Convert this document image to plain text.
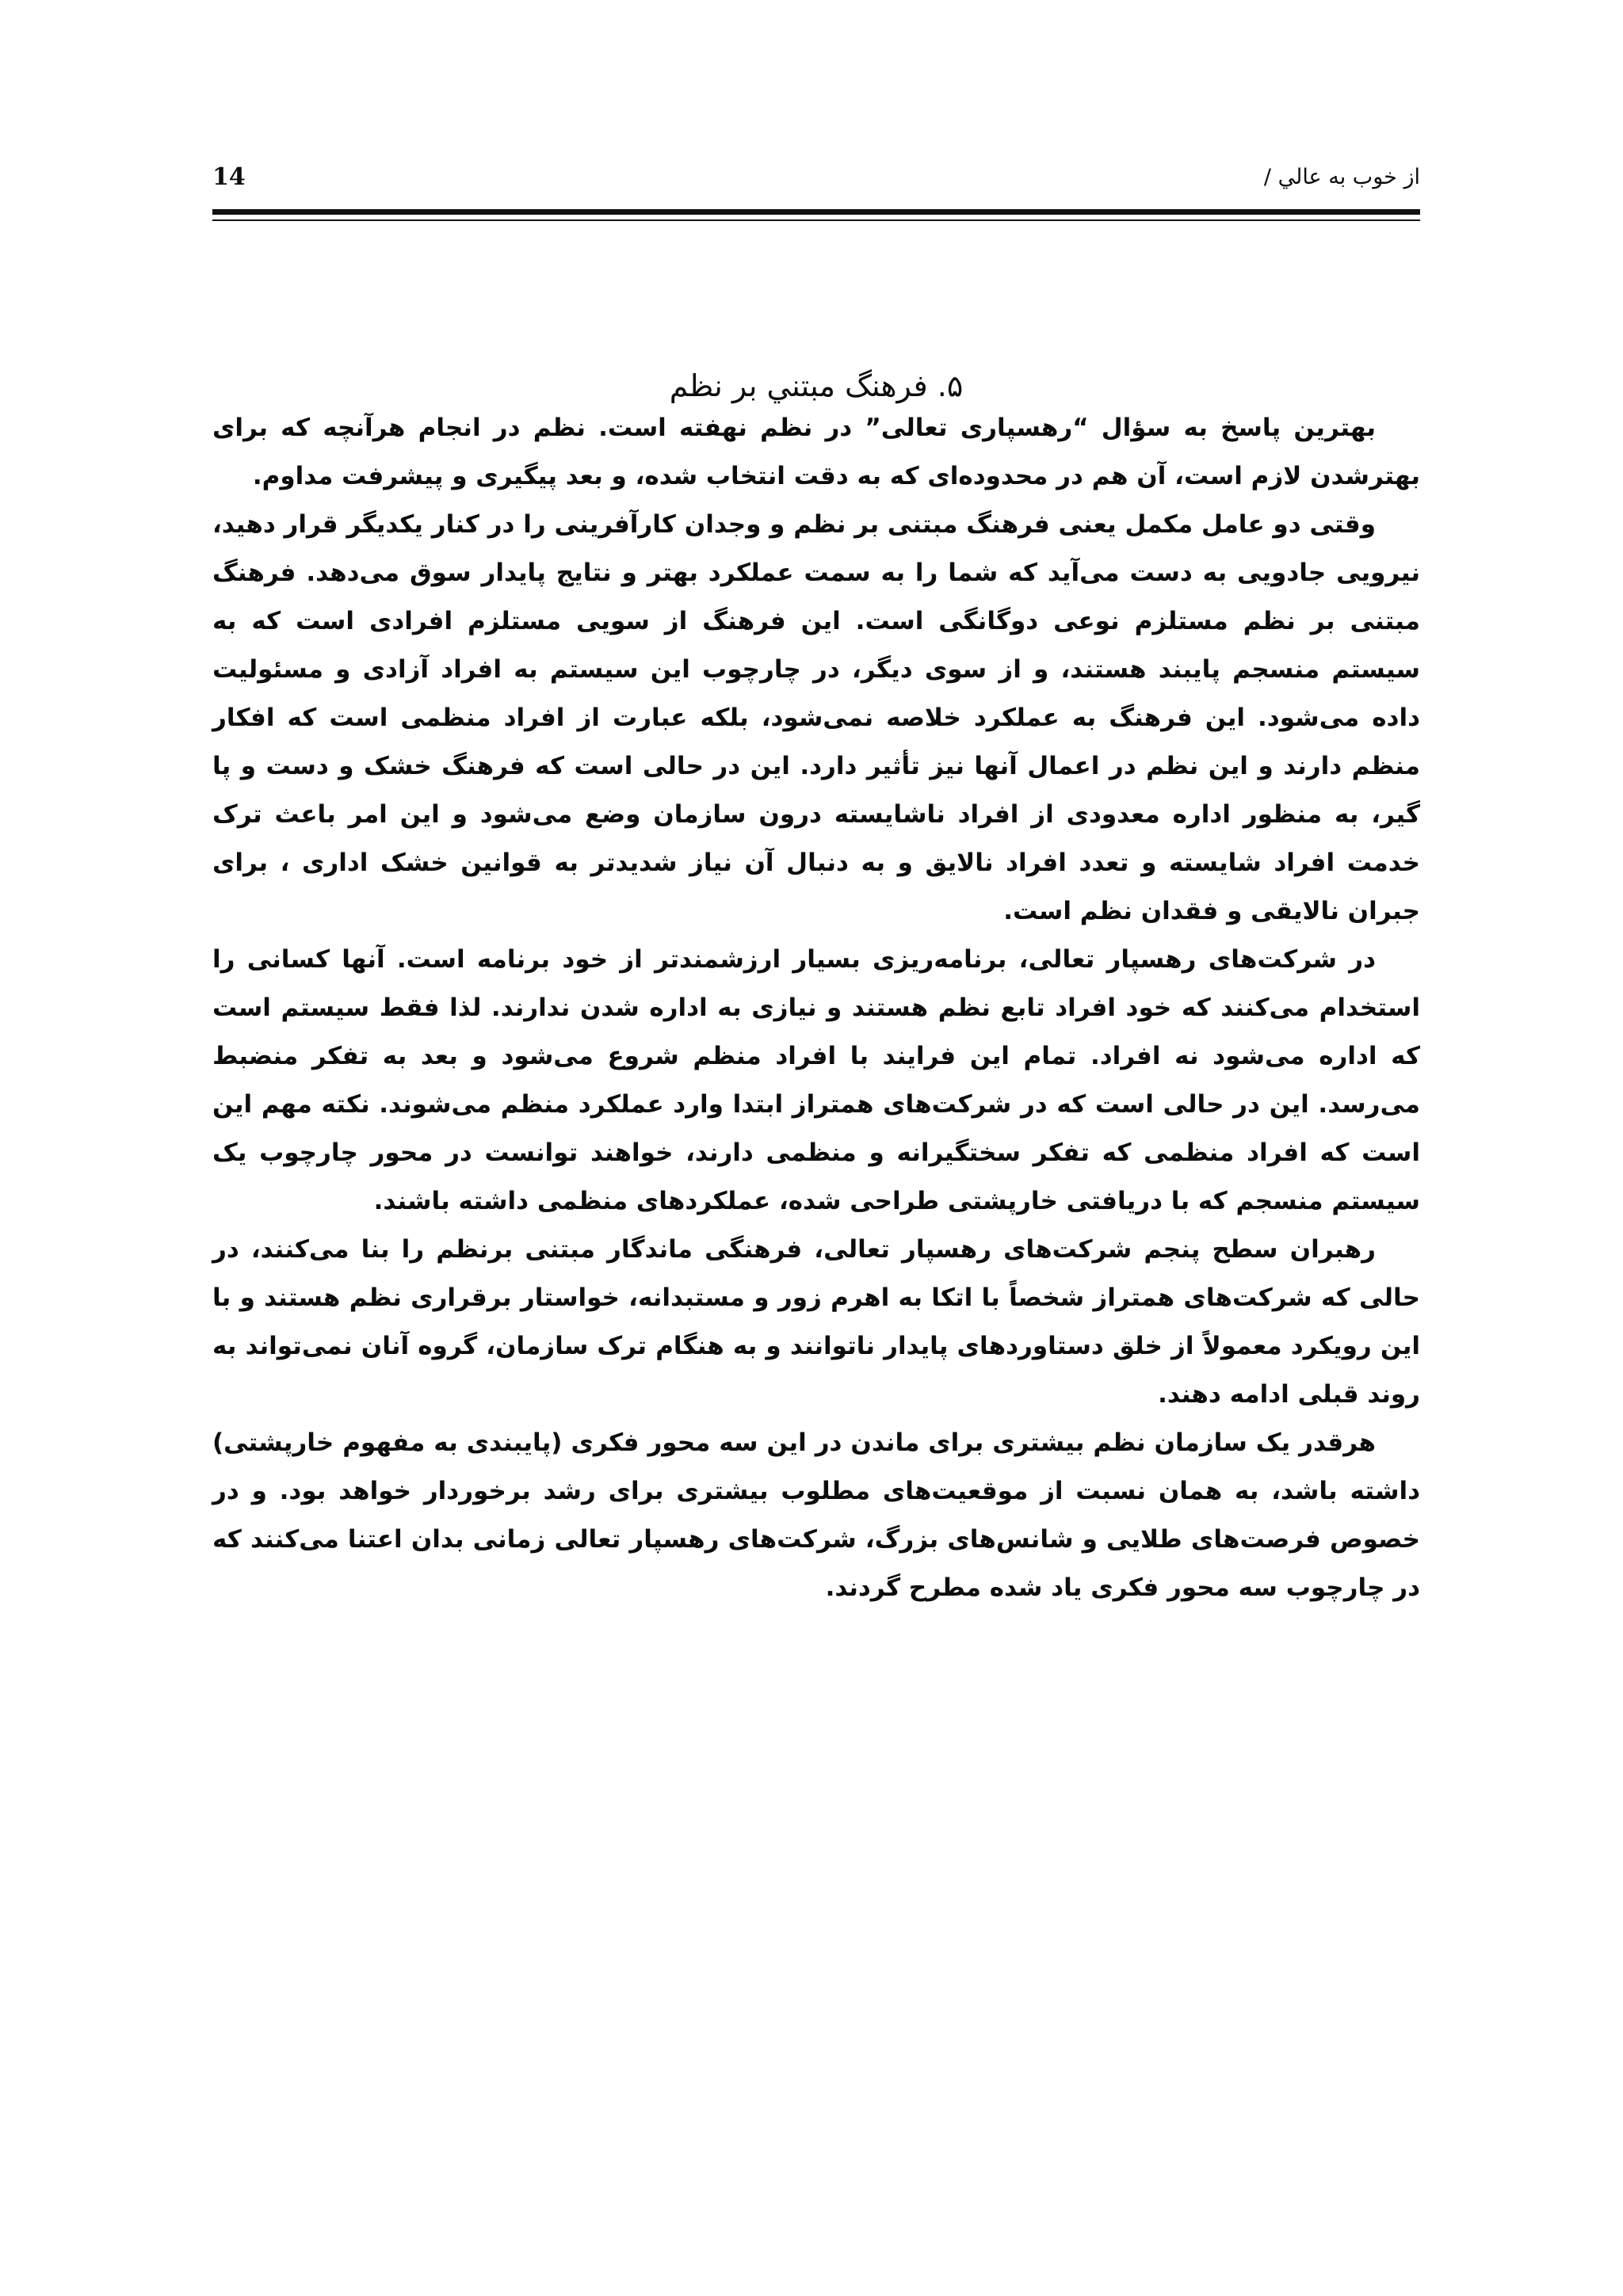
14	از خوب به عالي /
۵. فرهنگ مبتني بر نظم

بهترین پاسخ به سؤال “رهسپاری تعالی” در نظم نهفته است. نظم در انجام هرآنچه که برای بهترشدن لازم است، آن هم در محدوده‌ای که به دقت انتخاب شده، و بعد پیگیری و پیشرفت مداوم.

وقتی دو عامل مکمل یعنی فرهنگ مبتنی بر نظم و وجدان کارآفرینی را در کنار یکدیگر قرار دهید، نیرویی جادویی به دست می‌آید که شما را به سمت عملکرد بهتر و نتایج پایدار سوق می‌دهد. فرهنگ مبتنی بر نظم مستلزم نوعی دوگانگی است. این فرهنگ از سویی مستلزم افرادی است که به سیستم منسجم پایبند هستند، و از سوی دیگر، در چارچوب این سیستم به افراد آزادی و مسئولیت داده می‌شود. این فرهنگ به عملکرد خلاصه نمی‌شود، بلکه عبارت از افراد منظمی است که افکار منظم دارند و این نظم در اعمال آنها نیز تأثیر دارد. این در حالی است که فرهنگ خشک و دست و پا گیر، به منظور اداره معدودی از افراد ناشایسته درون سازمان وضع می‌شود و این امر باعث ترک خدمت افراد شایسته و تعدد افراد نالایق و به دنبال آن نیاز شدیدتر به قوانین خشک اداری ، برای جبران نالایقی و فقدان نظم است.

در شرکت‌های رهسپار تعالی، برنامه‌ریزی بسیار ارزشمندتر از خود برنامه است. آنها کسانی را استخدام می‌کنند که خود افراد تابع نظم هستند و نیازی به اداره شدن ندارند. لذا فقط سیستم است که اداره می‌شود نه افراد. تمام این فرایند با افراد منظم شروع می‌شود و بعد به تفکر منضبط می‌رسد. این در حالی است که در شرکت‌های همتراز ابتدا وارد عملکرد منظم می‌شوند. نکته مهم این است که افراد منظمی که تفکر سختگیرانه و منظمی دارند، خواهند توانست در محور چارچوب یک سیستم منسجم که با دریافتی خارپشتی طراحی شده، عملکردهای منظمی داشته باشند.

رهبران سطح پنجم شرکت‌های رهسپار تعالی، فرهنگی ماندگار مبتنی برنظم را بنا می‌کنند، در حالی که شرکت‌های همتراز شخصاً با اتکا به اهرم زور و مستبدانه، خواستار برقراری نظم هستند و با این رویکرد معمولاً از خلق دستاوردهای پایدار ناتوانند و به هنگام ترک سازمان، گروه آنان نمی‌تواند به روند قبلی ادامه دهند.

هرقدر یک سازمان نظم بیشتری برای ماندن در این سه محور فکری (پایبندی به مفهوم خارپشتی) داشته باشد، به همان نسبت از موقعیت‌های مطلوب بیشتری برای رشد برخوردار خواهد بود. و در خصوص فرصت‌های طلایی و شانس‌های بزرگ، شرکت‌های رهسپار تعالی زمانی بدان اعتنا می‌کنند که در چارچوب سه محور فکری یاد شده مطرح گردند.
